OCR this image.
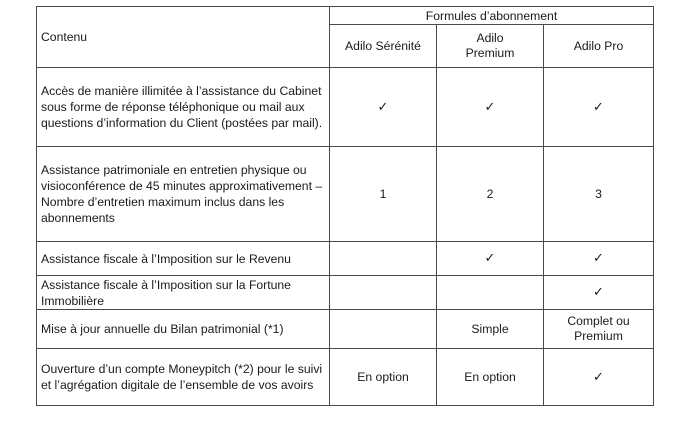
Contenu	Formules d’abonnement		
	Adilo Sérénité	Adilo Premium	Adilo Pro
Accès de manière illimitée à l’assistance du Cabinet sous forme de réponse téléphonique ou mail aux questions d’information du Client (postées par mail).	✓	✓	✓
Assistance patrimoniale en entretien physique ou visioconférence de 45 minutes approximativement – Nombre d’entretien maximum inclus dans les abonnements	1	2	3
Assistance fiscale à l’Imposition sur le Revenu		✓	✓
Assistance fiscale à l’Imposition sur la Fortune Immobilière			✓
Mise à jour annuelle du Bilan patrimonial (*1)		Simple	Complet ou Premium
Ouverture d’un compte Moneypitch (*2) pour le suivi et l’agrégation digitale de l’ensemble de vos avoirs	En option	En option	✓
